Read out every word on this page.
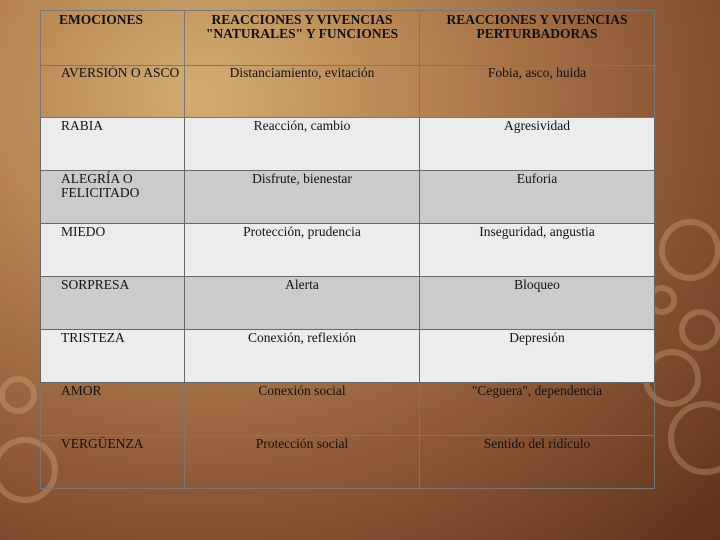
EMOCIONES	REACCIONES Y VIVENCIAS "NATURALES" Y FUNCIONES	REACCIONES Y VIVENCIAS PERTURBADORAS
AVERSIÓN O ASCO	Distanciamiento, evitación	Fobia, asco, huida
RABIA	Reacción, cambio	Agresividad
ALEGRÍA O FELICITADO	Disfrute, bienestar	Euforia
MIEDO	Protección, prudencia	Inseguridad, angustia
SORPRESA	Alerta	Bloqueo
TRISTEZA	Conexión, reflexión	Depresión
AMOR	Conexión social	"Ceguera", dependencia
VERGÜENZA	Protección social	Sentido del ridículo
